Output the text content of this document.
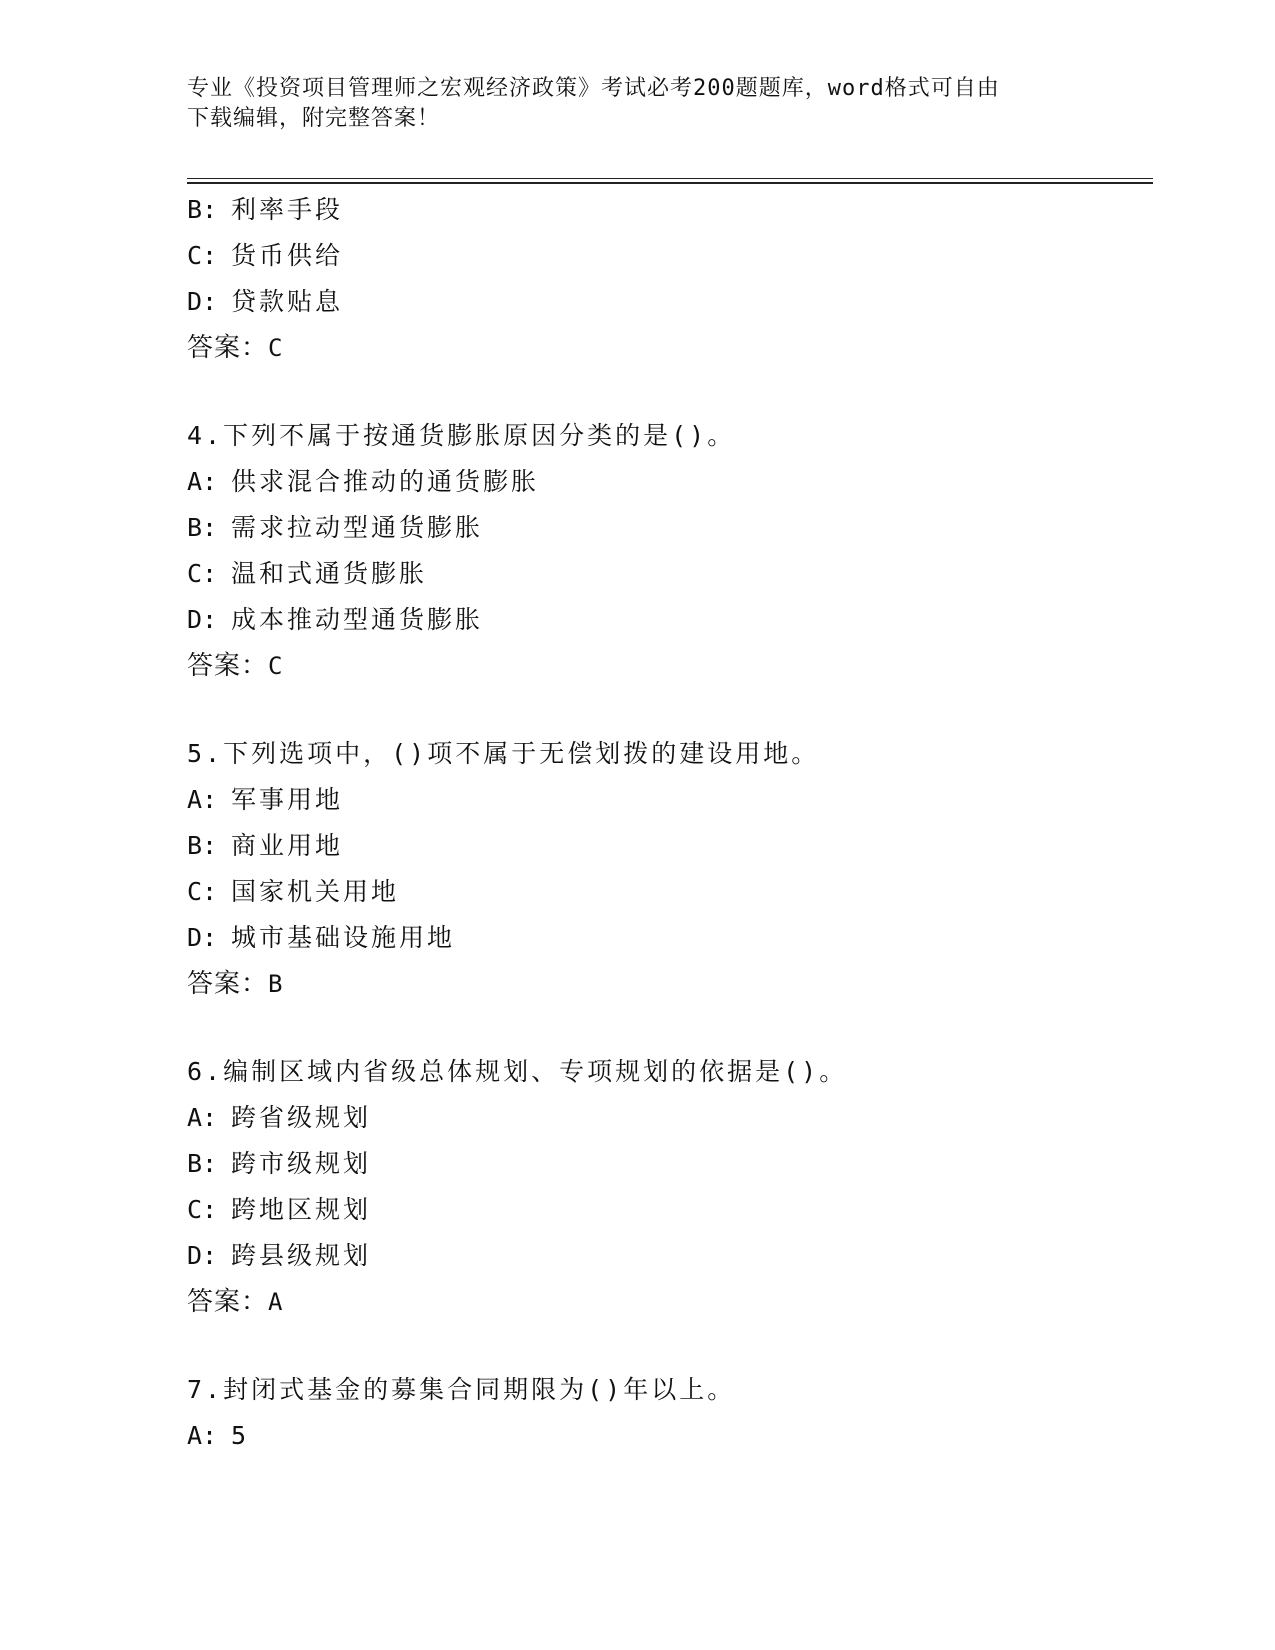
专业《投资项目管理师之宏观经济政策》考试必考200题题库，word格式可自由
下载编辑，附完整答案！
B: 利率手段
C: 货币供给
D: 贷款贴息
答案：C
4.下列不属于按通货膨胀原因分类的是()。
A: 供求混合推动的通货膨胀
B: 需求拉动型通货膨胀
C: 温和式通货膨胀
D: 成本推动型通货膨胀
答案：C
5.下列选项中，()项不属于无偿划拨的建设用地。
A: 军事用地
B: 商业用地
C: 国家机关用地
D: 城市基础设施用地
答案：B
6.编制区域内省级总体规划、专项规划的依据是()。
A: 跨省级规划
B: 跨市级规划
C: 跨地区规划
D: 跨县级规划
答案：A
7.封闭式基金的募集合同期限为()年以上。
A: 5
